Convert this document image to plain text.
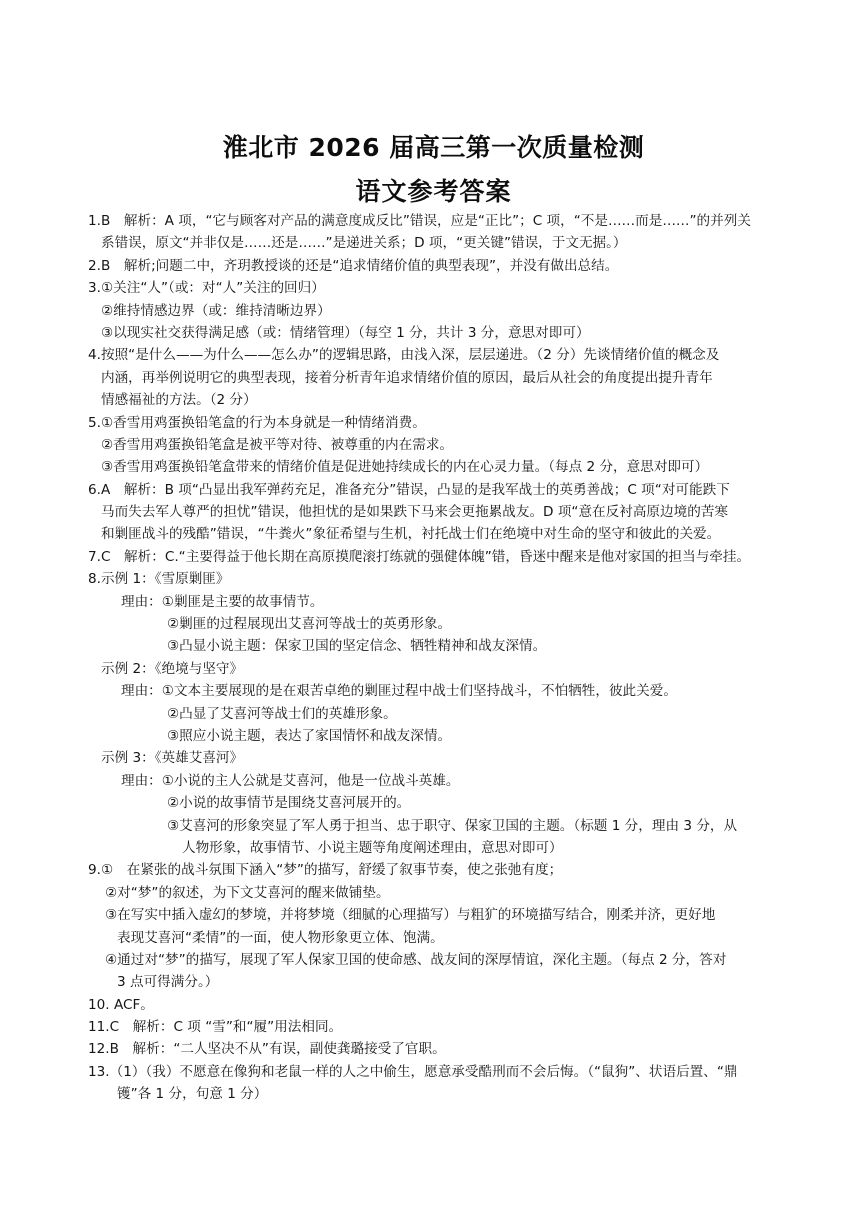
淮北市 2026 届高三第一次质量检测
语文参考答案
1.B　解析：A 项，“它与顾客对产品的满意度成反比”错误，应是“正比”；C 项，“不是……而是……”的并列关
系错误，原文“并非仅是……还是……”是递进关系；D 项，“更关键”错误，于文无据。）
2.B　解析;问题二中，齐玥教授谈的还是“追求情绪价值的典型表现”，并没有做出总结。
3.①关注“人”（或：对“人”关注的回归）
②维持情感边界（或：维持清晰边界）
③以现实社交获得满足感（或：情绪管理）（每空 1 分，共计 3 分，意思对即可）
4.按照“是什么——为什么——怎么办”的逻辑思路，由浅入深，层层递进。（2 分）先谈情绪价值的概念及
内涵，再举例说明它的典型表现，接着分析青年追求情绪价值的原因，最后从社会的角度提出提升青年
情感福祉的方法。（2 分）
5.①香雪用鸡蛋换铅笔盒的行为本身就是一种情绪消费。
②香雪用鸡蛋换铅笔盒是被平等对待、被尊重的内在需求。
③香雪用鸡蛋换铅笔盒带来的情绪价值是促进她持续成长的内在心灵力量。（每点 2 分，意思对即可）
6.A　解析：B 项“凸显出我军弹药充足，准备充分”错误，凸显的是我军战士的英勇善战；C 项“对可能跌下
马而失去军人尊严的担忧”错误，他担忧的是如果跌下马来会更拖累战友。D 项“意在反衬高原边境的苦寒
和剿匪战斗的残酷”错误，“牛粪火”象征希望与生机，衬托战士们在绝境中对生命的坚守和彼此的关爱。
7.C　解析：C.“主要得益于他长期在高原摸爬滚打练就的强健体魄”错，昏迷中醒来是他对家国的担当与牵挂。
8.示例 1：《雪原剿匪》
理由：①剿匪是主要的故事情节。
②剿匪的过程展现出艾喜河等战士的英勇形象。
③凸显小说主题：保家卫国的坚定信念、牺牲精神和战友深情。
示例 2：《绝境与坚守》
理由：①文本主要展现的是在艰苦卓绝的剿匪过程中战士们坚持战斗，不怕牺牲，彼此关爱。
②凸显了艾喜河等战士们的英雄形象。
③照应小说主题，表达了家国情怀和战友深情。
示例 3：《英雄艾喜河》
理由：①小说的主人公就是艾喜河，他是一位战斗英雄。
②小说的故事情节是围绕艾喜河展开的。
③艾喜河的形象突显了军人勇于担当、忠于职守、保家卫国的主题。（标题 1 分，理由 3 分，从
人物形象，故事情节、小说主题等角度阐述理由，意思对即可）
9.①　在紧张的战斗氛围下涵入“梦”的描写，舒缓了叙事节奏，使之张弛有度；
②对“梦”的叙述，为下文艾喜河的醒来做铺垫。
③在写实中插入虚幻的梦境，并将梦境（细腻的心理描写）与粗犷的环境描写结合，刚柔并济，更好地
表现艾喜河“柔情”的一面，使人物形象更立体、饱满。
④通过对“梦”的描写，展现了军人保家卫国的使命感、战友间的深厚情谊，深化主题。（每点 2 分，答对
3 点可得满分。）
10. ACF。
11.C　解析：C 项 “雪”和“履”用法相同。
12.B　解析：“二人坚决不从”有误，副使龚璐接受了官职。
13.（1）（我）不愿意在像狗和老鼠一样的人之中偷生，愿意承受酷刑而不会后悔。（“鼠狗”、状语后置、“鼎
镬”各 1 分，句意 1 分）
